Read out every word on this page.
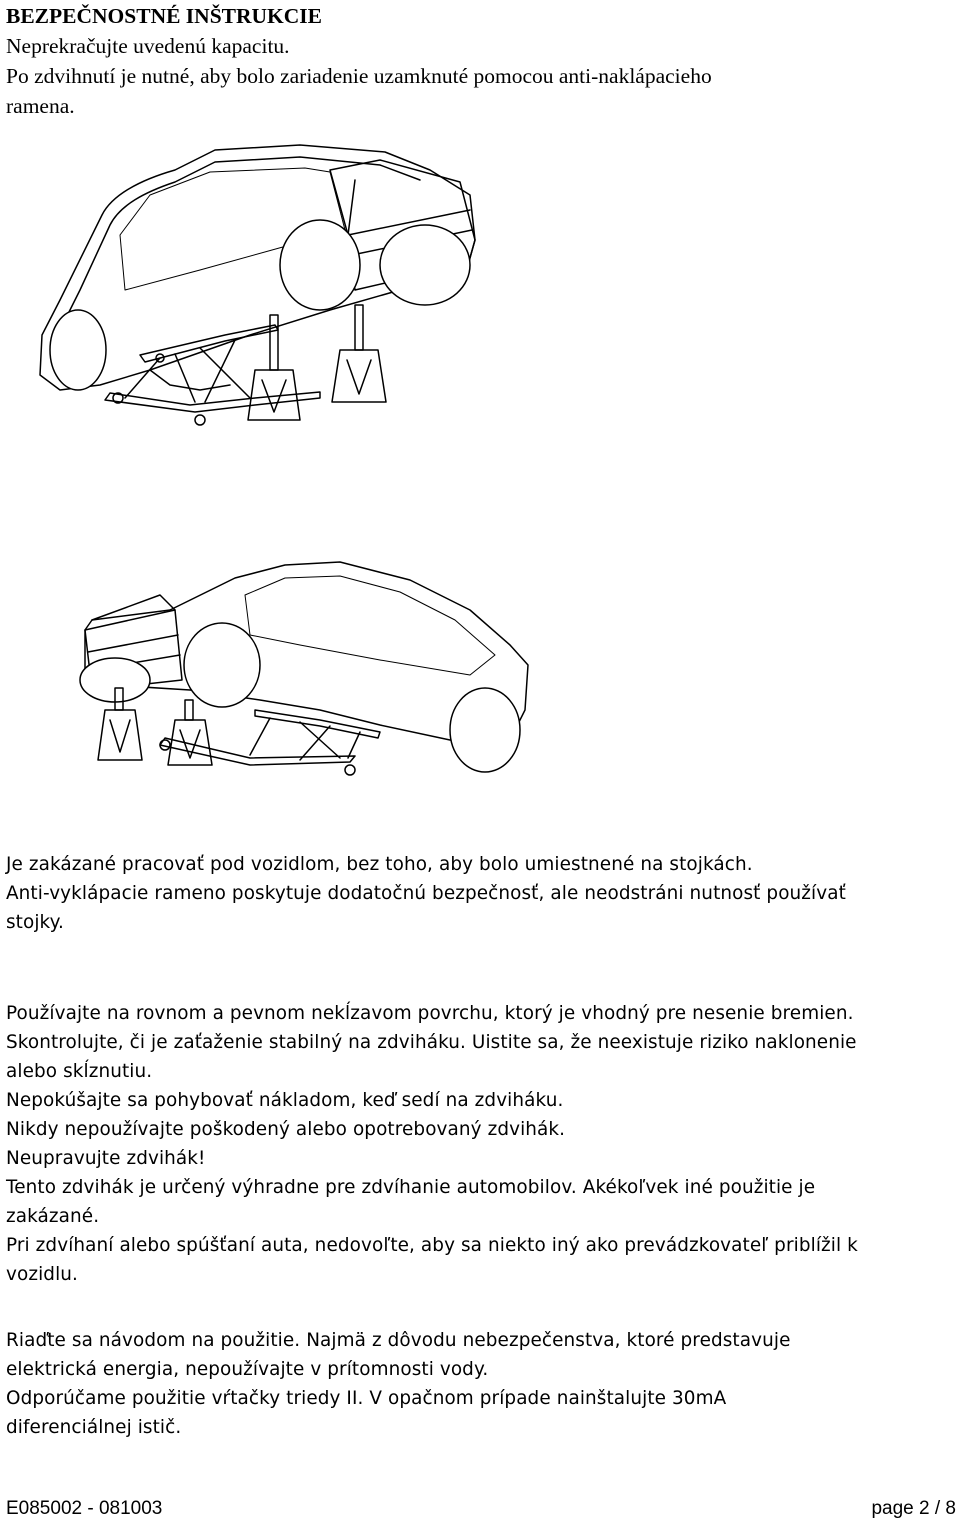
BEZPEČNOSTNÉ INŠTRUKCIE
Neprekračujte uvedenú kapacitu.
Po zdvihnutí je nutné, aby bolo zariadenie uzamknuté pomocou anti-naklápacieho
ramena.
Je zakázané pracovať pod vozidlom, bez toho, aby bolo umiestnené na stojkách.
Anti-vyklápacie rameno poskytuje dodatočnú bezpečnosť, ale neodstráni nutnosť používať
stojky.
Používajte na rovnom a pevnom nekĺzavom povrchu, ktorý je vhodný pre nesenie bremien.
Skontrolujte, či je zaťaženie stabilný na zdviháku. Uistite sa, že neexistuje riziko naklonenie
alebo skĺznutiu.
Nepokúšajte sa pohybovať nákladom, keď sedí na zdviháku.
Nikdy nepoužívajte poškodený alebo opotrebovaný zdvihák.
Neupravujte zdvihák!
Tento zdvihák je určený výhradne pre zdvíhanie automobilov. Akékoľvek iné použitie je
zakázané.
Pri zdvíhaní alebo spúšťaní auta, nedovoľte, aby sa niekto iný ako prevádzkovateľ priblížil k
vozidlu.
Riaďte sa návodom na použitie. Najmä z dôvodu nebezpečenstva, ktoré predstavuje
elektrická energia, nepoužívajte v prítomnosti vody.
Odporúčame použitie vŕtačky triedy II. V opačnom prípade nainštalujte 30mA
diferenciálnej istič.
E085002 - 081003	page 2 / 8
